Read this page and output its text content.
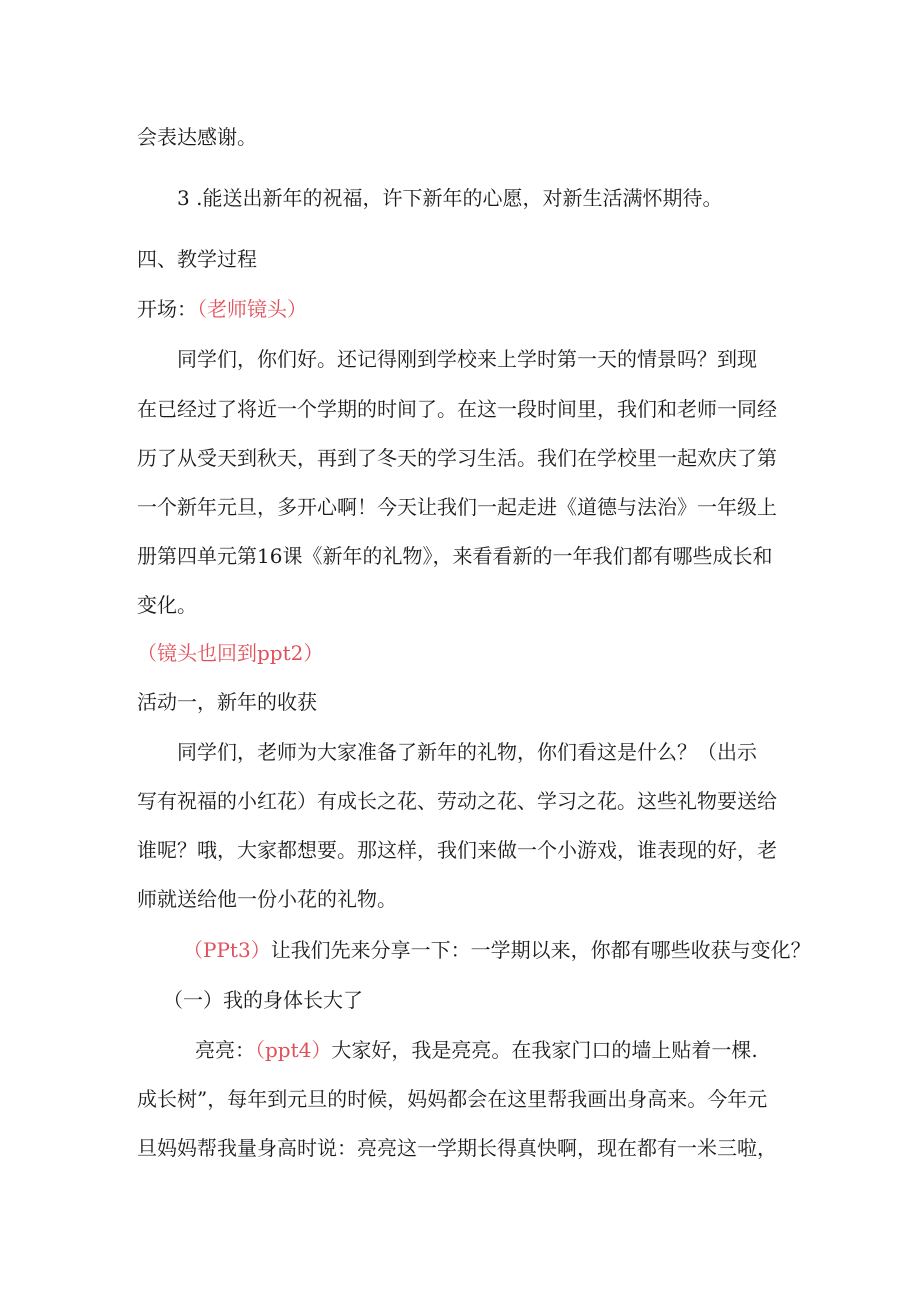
会表达感谢。

3 .能送出新年的祝福，许下新年的心愿，对新生活满怀期待。

四、教学过程

开场：（老师镜头）

同学们，你们好。还记得刚到学校来上学时第一天的情景吗？到现

在已经过了将近一个学期的时间了。在这一段时间里，我们和老师一同经

历了从受天到秋天，再到了冬天的学习生活。我们在学校里一起欢庆了第

一个新年元旦，多开心啊！今天让我们一起走进《道德与法治》一年级上

册第四单元第16课《新年的礼物》，来看看新的一年我们都有哪些成长和

变化。

（镜头也回到ppt2）

活动一，新年的收获

同学们，老师为大家准备了新年的礼物，你们看这是什么？（出示

写有祝福的小红花）有成长之花、劳动之花、学习之花。这些礼物要送给

谁呢？哦，大家都想要。那这样，我们来做一个小游戏，谁表现的好，老

师就送给他一份小花的礼物。

（PPt3）让我们先来分享一下：一学期以来，你都有哪些收获与变化？

（一）我的身体长大了

亮亮：（ppt4）大家好，我是亮亮。在我家门口的墙上贴着一棵.

成长树”，每年到元旦的时候，妈妈都会在这里帮我画出身高来。今年元

旦妈妈帮我量身高时说：亮亮这一学期长得真快啊，现在都有一米三啦，
